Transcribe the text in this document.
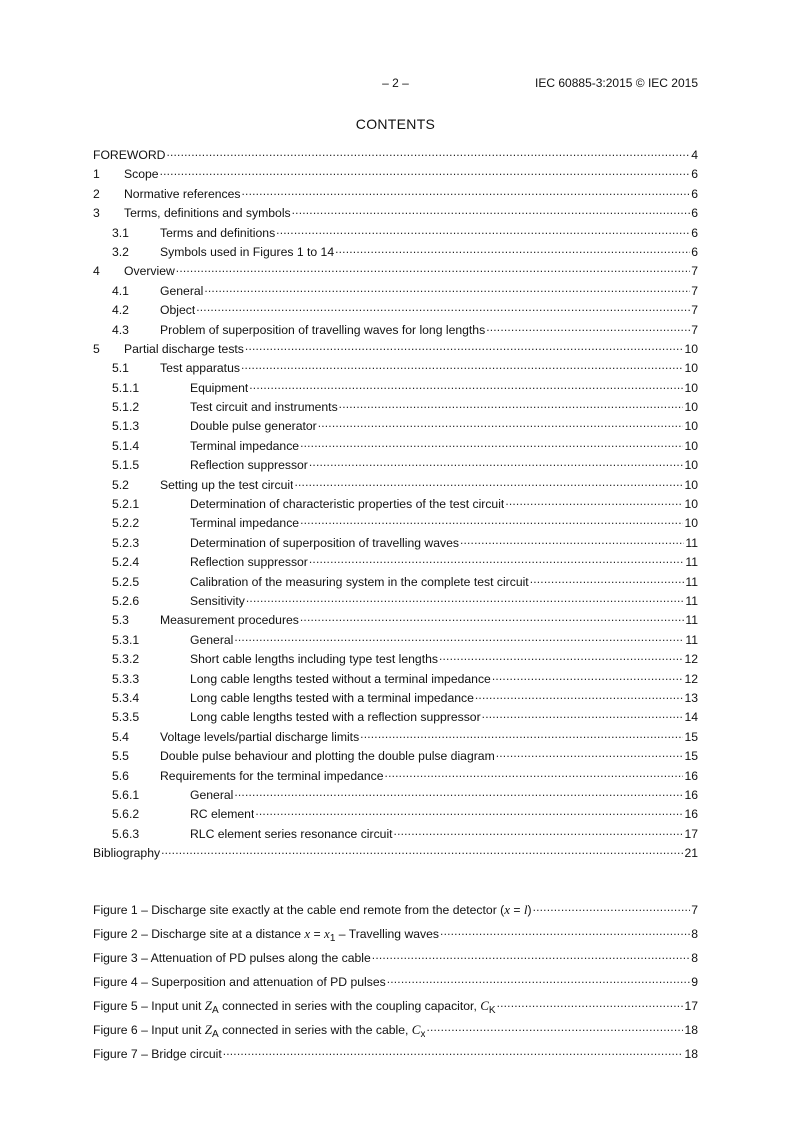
– 2 –	IEC 60885-3:2015 © IEC 2015
CONTENTS
FOREWORD .....	4
1	Scope .....	6
2	Normative references .....	6
3	Terms, definitions and symbols .....	6
3.1	Terms and definitions .....	6
3.2	Symbols used in Figures 1 to 14 .....	6
4	Overview .....	7
4.1	General .....	7
4.2	Object .....	7
4.3	Problem of superposition of travelling waves for long lengths .....	7
5	Partial discharge tests .....	10
5.1	Test apparatus .....	10
5.1.1	Equipment .....	10
5.1.2	Test circuit and instruments .....	10
5.1.3	Double pulse generator .....	10
5.1.4	Terminal impedance .....	10
5.1.5	Reflection suppressor .....	10
5.2	Setting up the test circuit .....	10
5.2.1	Determination of characteristic properties of the test circuit .....	10
5.2.2	Terminal impedance .....	10
5.2.3	Determination of superposition of travelling waves .....	11
5.2.4	Reflection suppressor .....	11
5.2.5	Calibration of the measuring system in the complete test circuit .....	11
5.2.6	Sensitivity .....	11
5.3	Measurement procedures .....	11
5.3.1	General .....	11
5.3.2	Short cable lengths including type test lengths .....	12
5.3.3	Long cable lengths tested without a terminal impedance .....	12
5.3.4	Long cable lengths tested with a terminal impedance .....	13
5.3.5	Long cable lengths tested with a reflection suppressor .....	14
5.4	Voltage levels/partial discharge limits .....	15
5.5	Double pulse behaviour and plotting the double pulse diagram .....	15
5.6	Requirements for the terminal impedance .....	16
5.6.1	General .....	16
5.6.2	RC element .....	16
5.6.3	RLC element series resonance circuit .....	17
Bibliography .....	21
Figure 1 – Discharge site exactly at the cable end remote from the detector (x = l) .....	7
Figure 2 – Discharge site at a distance $x = x_1$ – Travelling waves .....	8
Figure 3 – Attenuation of PD pulses along the cable .....	8
Figure 4 – Superposition and attenuation of PD pulses .....	9
Figure 5 – Input unit $Z_A$ connected in series with the coupling capacitor, $C_K$ .....	17
Figure 6 – Input unit $Z_A$ connected in series with the cable, $C_x$ .....	18
Figure 7 – Bridge circuit .....	18
